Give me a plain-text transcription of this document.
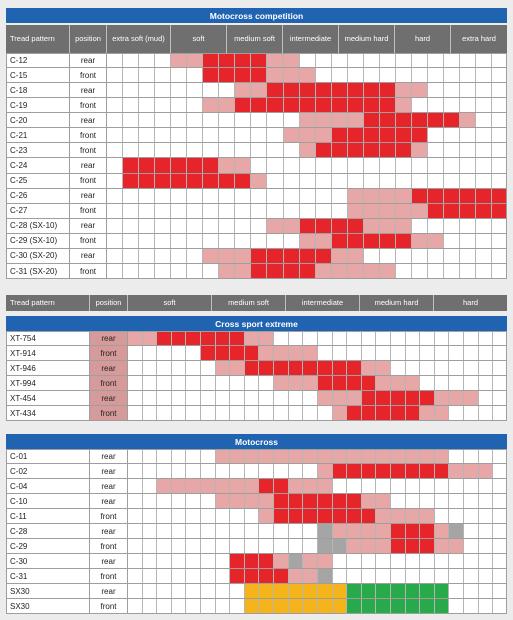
Motocross competition
Tread pattern	position	extra soft (mud)	soft	medium soft	intermediate	medium hard	hard	extra hard
C-12	rear
C-15	front
C-18	rear
C-19	front
C-20	rear
C-21	front
C-23	front
C-24	rear
C-25	front
C-26	rear
C-27	front
C-28 (SX-10)	rear
C-29 (SX-10)	front
C-30 (SX-20)	rear
C-31 (SX-20)	front
Tread pattern	position	soft	medium soft	intermediate	medium hard	hard
Cross sport extreme
XT-754	rear
XT-914	front
XT-946	rear
XT-994	front
XT-454	rear
XT-434	front
Motocross
C-01	rear
C-02	rear
C-04	rear
C-10	rear
C-11	front
C-28	rear
C-29	front
C-30	rear
C-31	front
SX30	rear
SX30	front
